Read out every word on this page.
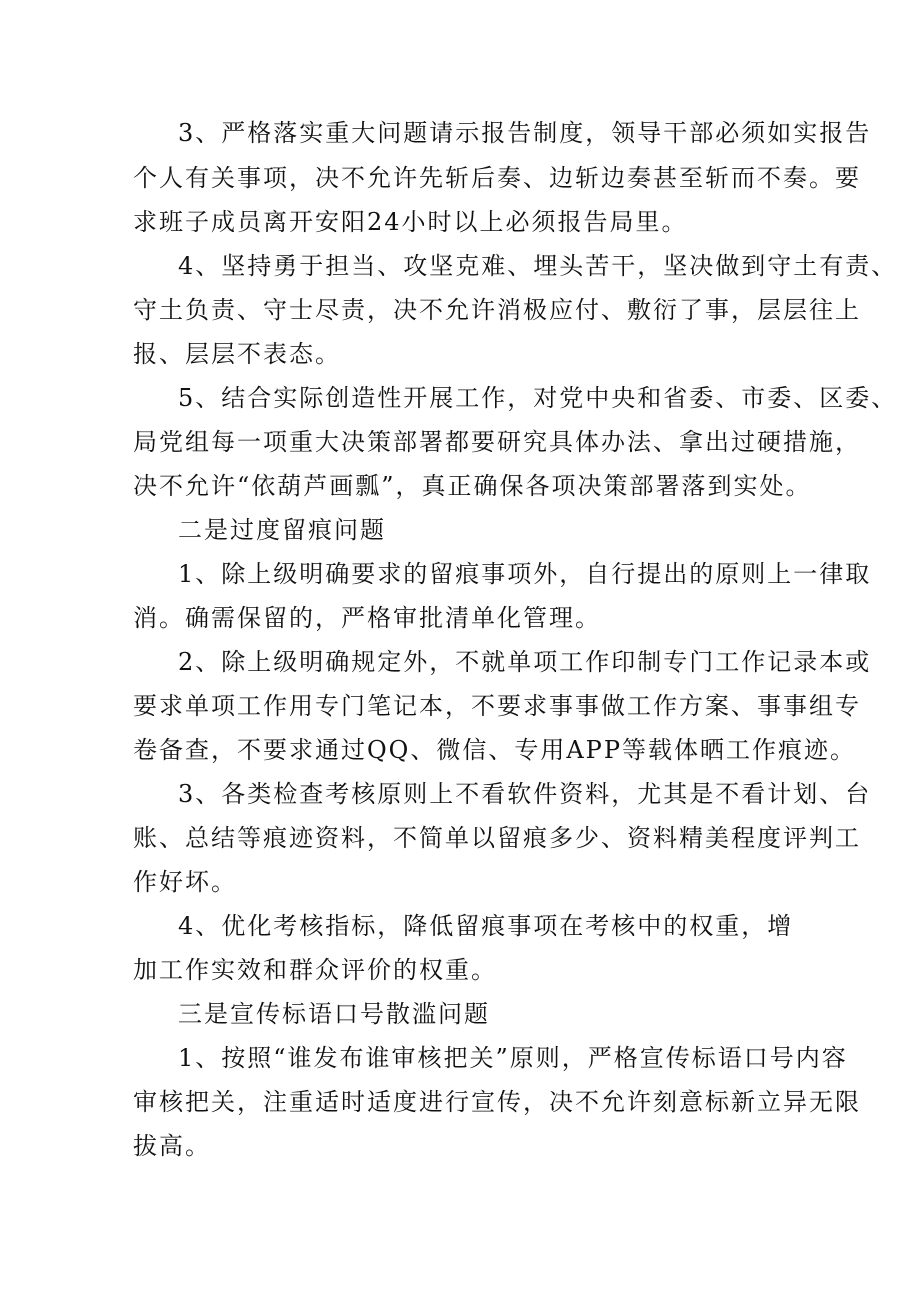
3、严格落实重大问题请示报告制度，领导干部必须如实报告
个人有关事项，决不允许先斩后奏、边斩边奏甚至斩而不奏。要
求班子成员离开安阳24小时以上必须报告局里。
4、坚持勇于担当、攻坚克难、埋头苦干，坚决做到守土有责、
守土负责、守士尽责，决不允许消极应付、敷衍了事，层层往上
报、层层不表态。
5、结合实际创造性开展工作，对党中央和省委、市委、区委、
局党组每一项重大决策部署都要研究具体办法、拿出过硬措施，
决不允许“依葫芦画瓢”，真正确保各项决策部署落到实处。
二是过度留痕问题
1、除上级明确要求的留痕事项外，自行提出的原则上一律取
消。确需保留的，严格审批清单化管理。
2、除上级明确规定外，不就单项工作印制专门工作记录本或
要求单项工作用专门笔记本，不要求事事做工作方案、事事组专
卷备查，不要求通过QQ、微信、专用APP等载体晒工作痕迹。
3、各类检查考核原则上不看软件资料，尤其是不看计划、台
账、总结等痕迹资料，不简单以留痕多少、资料精美程度评判工
作好坏。
4、优化考核指标，降低留痕事项在考核中的权重，增
加工作实效和群众评价的权重。
三是宣传标语口号散滥问题
1、按照“谁发布谁审核把关”原则，严格宣传标语口号内容
审核把关，注重适时适度进行宣传，决不允许刻意标新立异无限
拔高。
